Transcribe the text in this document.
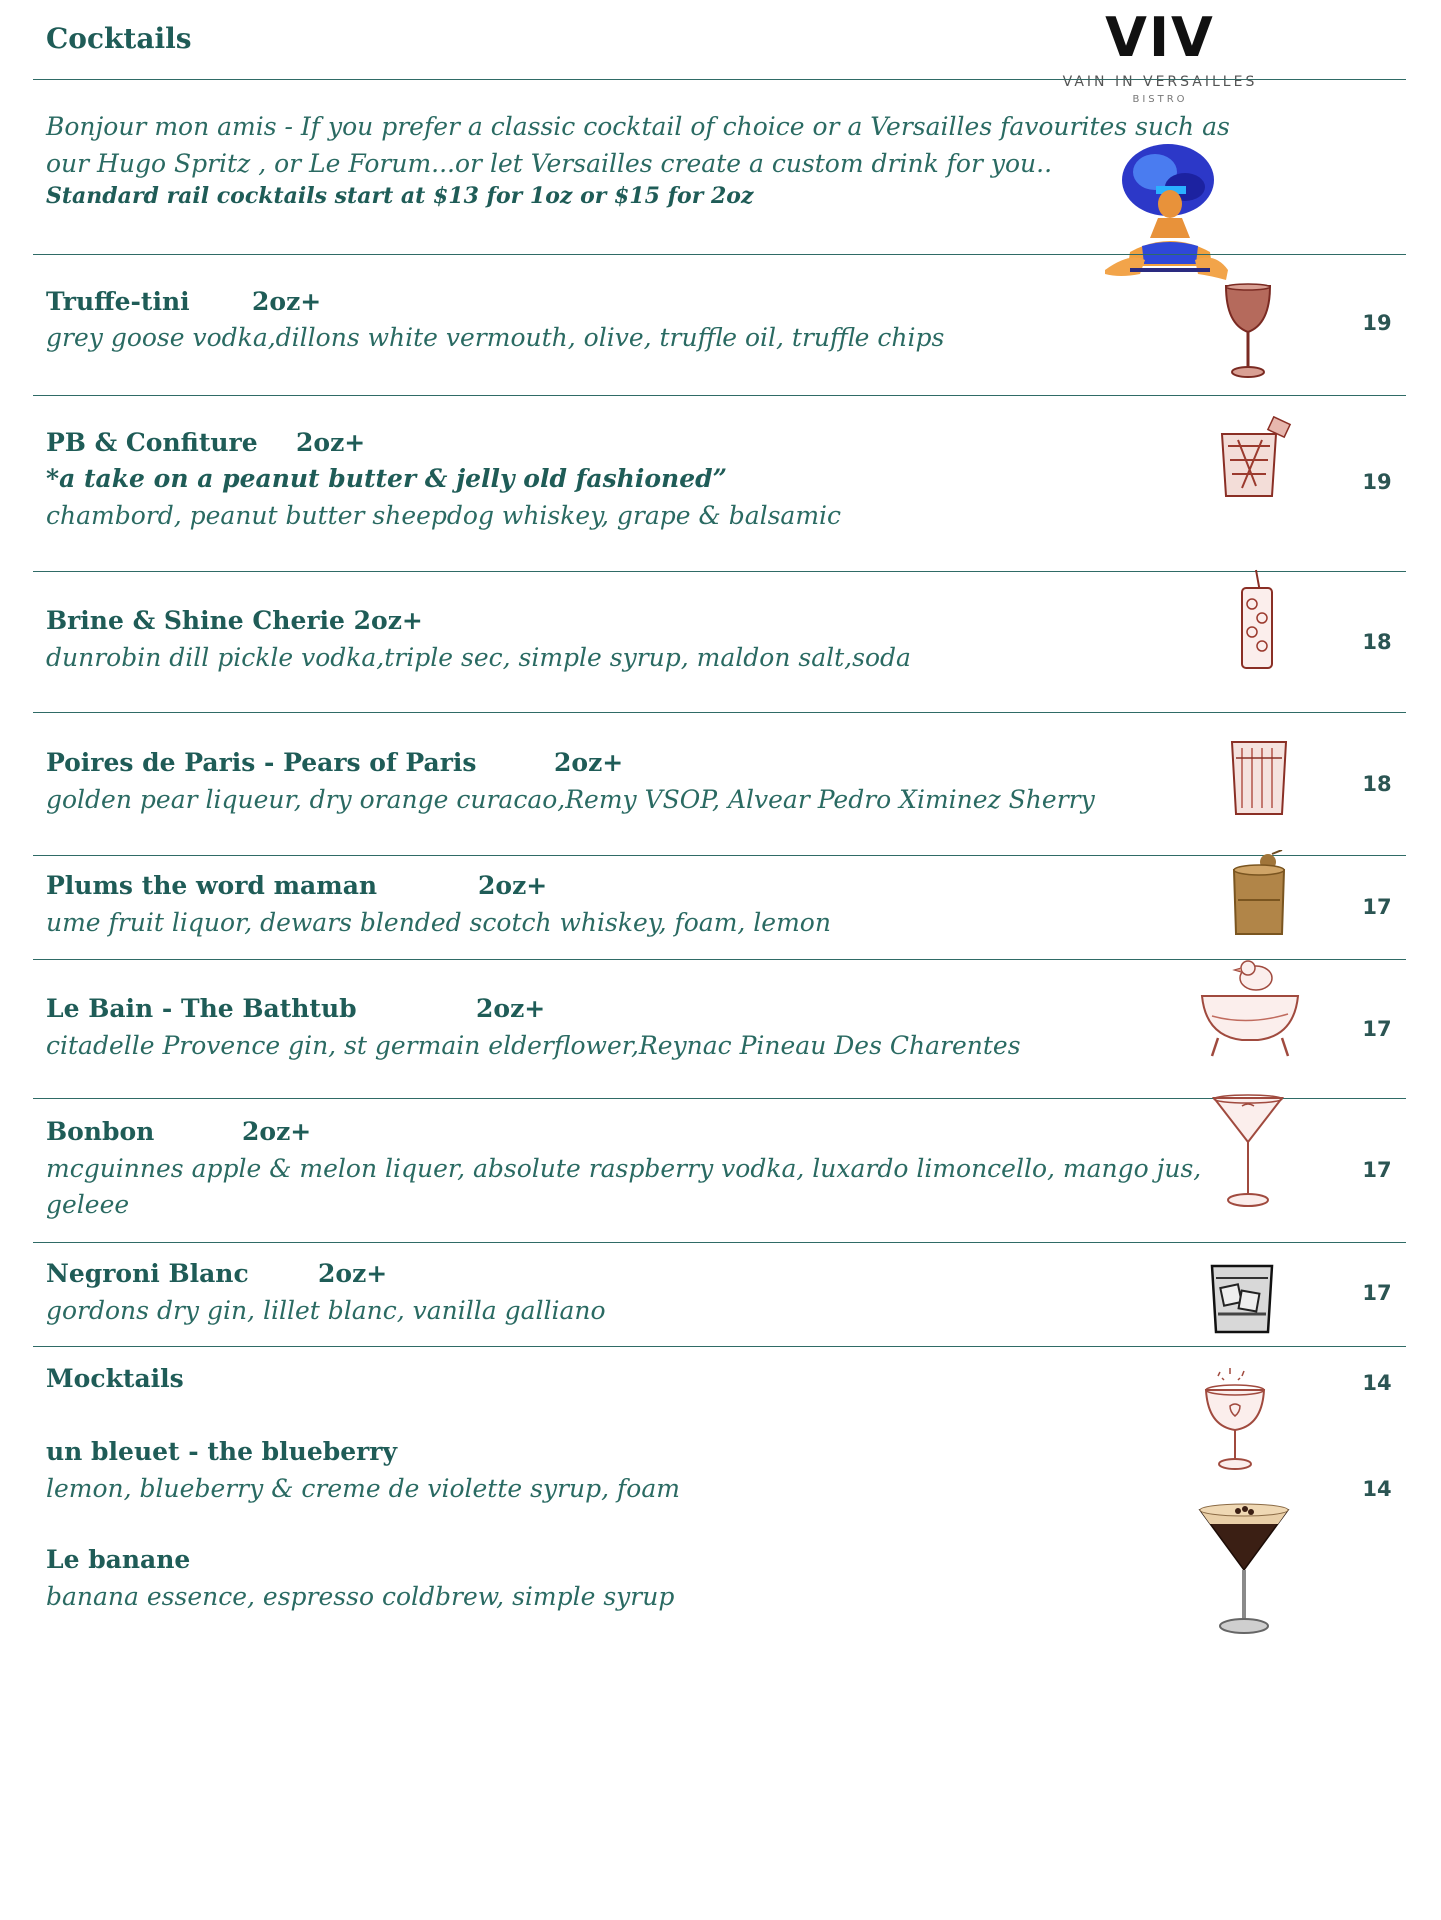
Cocktails	VIV
VAIN IN VERSAILLES
BISTRO
Bonjour mon amis - If you prefer a classic cocktail of choice or a Versailles favourites such as
our Hugo Spritz , or Le Forum...or let Versailles create a custom drink for you..
Standard rail cocktails start at $13 for 1oz or $15 for 2oz
Truffe-tini 2oz+
grey goose vodka,dillons white vermouth, olive, truffle oil, truffle chips	19
PB & Confiture 2oz+
*a take on a peanut butter & jelly old fashioned”
chambord, peanut butter sheepdog whiskey, grape & balsamic
19
Brine & Shine Cherie 2oz+
dunrobin dill pickle vodka,triple sec, simple syrup, maldon salt,soda
18
Poires de Paris - Pears of Paris	2oz+
golden pear liqueur, dry orange curacao,Remy VSOP, Alvear Pedro Ximinez Sherry
18
Plums the word maman	2oz+
ume fruit liquor, dewars blended scotch whiskey, foam, lemon
17
Le Bain - The Bathtub	2oz+
citadelle Provence gin, st germain elderflower,Reynac Pineau Des Charentes
17
Bonbon	2oz+
mcguinnes apple & melon liquer, absolute raspberry vodka, luxardo limoncello, mango jus,
geleee
17
Negroni Blanc	2oz+
gordons dry gin, lillet blanc, vanilla galliano
17
Mocktails	14
un bleuet - the blueberry
lemon, blueberry & creme de violette syrup, foam	14
Le banane
banana essence, espresso coldbrew, simple syrup
